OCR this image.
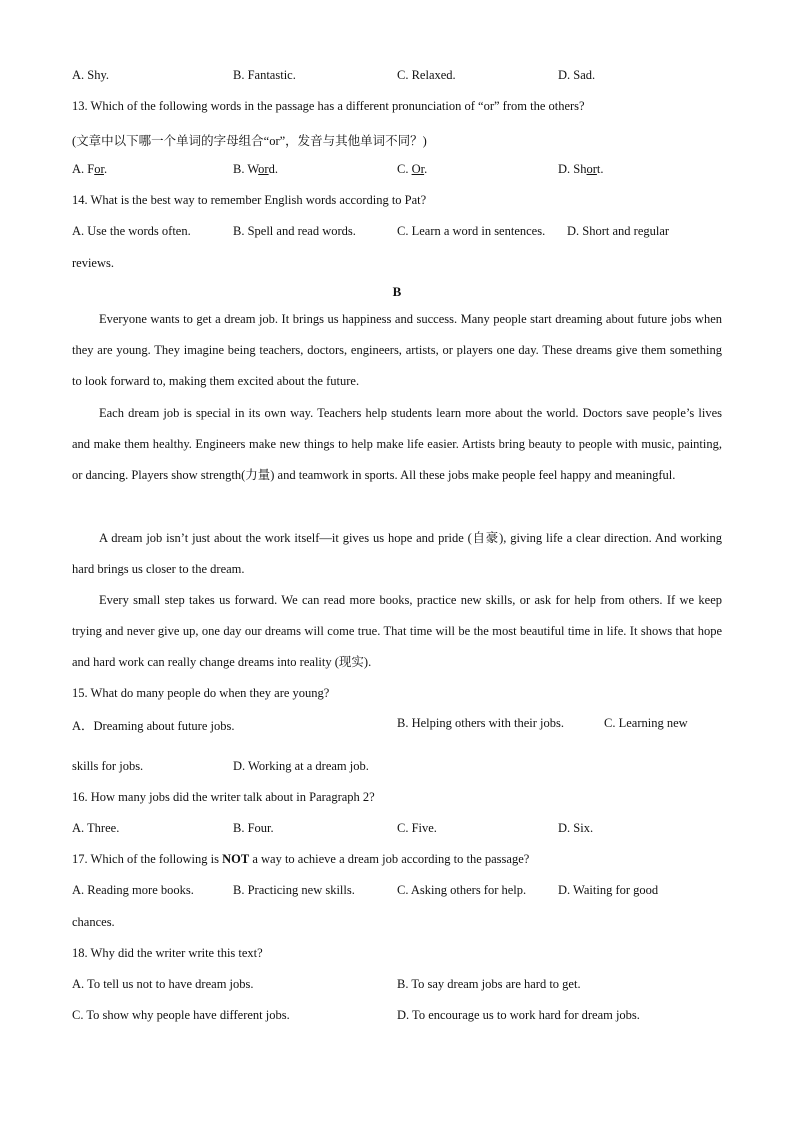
A. Shy.	B. Fantastic.	C. Relaxed.	D. Sad.
13. Which of the following words in the passage has a different pronunciation of “or” from the others?
(文章中以下哪一个单词的字母组合“or”，发音与其他单词不同？)
A. For.	B. Word.	C. Or.	D. Short.
14. What is the best way to remember English words according to Pat?
A. Use the words often.	B. Spell and read words.	C. Learn a word in sentences. D. Short and regular
reviews.
B
Everyone wants to get a dream job. It brings us happiness and success. Many people start dreaming about future jobs when they are young. They imagine being teachers, doctors, engineers, artists, or players one day. These dreams give them something to look forward to, making them excited about the future.
Each dream job is special in its own way. Teachers help students learn more about the world. Doctors save people’s lives and make them healthy. Engineers make new things to help make life easier. Artists bring beauty to people with music, painting, or dancing. Players show strength(力量) and teamwork in sports. All these jobs make people feel happy and meaningful.
A dream job isn’t just about the work itself—it gives us hope and pride (自豪), giving life a clear direction. And working hard brings us closer to the dream.
Every small step takes us forward. We can read more books, practice new skills, or ask for help from others. If we keep trying and never give up, one day our dreams will come true. That time will be the most beautiful time in life. It shows that hope and hard work can really change dreams into reality (现实).
15. What do many people do when they are young?
A．Dreaming about future jobs.	B. Helping others with their jobs.	C. Learning new
skills for jobs.	D. Working at a dream job.
16. How many jobs did the writer talk about in Paragraph 2?
A. Three.	B. Four.	C. Five.	D. Six.
17. Which of the following is NOT a way to achieve a dream job according to the passage?
A. Reading more books.	B. Practicing new skills.	C. Asking others for help.	D. Waiting for good
chances.
18. Why did the writer write this text?
A. To tell us not to have dream jobs.	B. To say dream jobs are hard to get.
C. To show why people have different jobs.	D. To encourage us to work hard for dream jobs.
